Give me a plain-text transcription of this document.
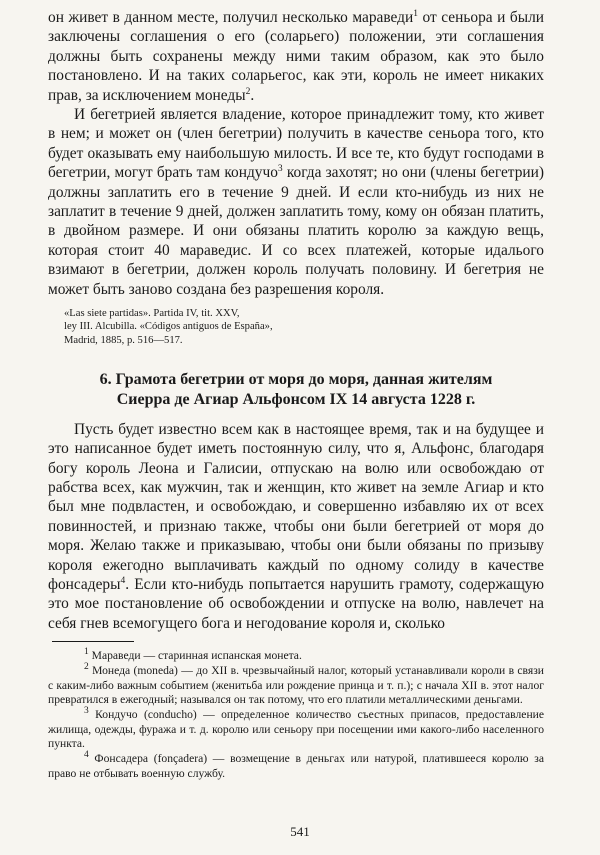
он живет в данном месте, получил несколько мараведи$^1$ от сеньора и были заключены соглашения о его (соларьего) положении, эти соглашения должны быть сохранены между ними таким образом, как это было постановлено. И на таких соларьегос, как эти, король не имеет никаких прав, за исключением монеды$^2$.

И бегетрией является владение, которое принадлежит тому, кто живет в нем; и может он (член бегетрии) получить в качестве сеньора того, кто будет оказывать ему наибольшую милость. И все те, кто будут господами в бегетрии, могут брать там кондучо$^3$ когда захотят; но они (члены бегетрии) должны заплатить его в течение 9 дней. И если кто-нибудь из них не заплатит в течение 9 дней, должен заплатить тому, кому он обязан платить, в двойном размере. И они обязаны платить королю за каждую вещь, которая стоит 40 мараведис. И со всех платежей, которые идалього взимают в бегетрии, должен король получать половину. И бегетрия не может быть заново создана без разрешения короля.

«Las siete partidas». Partida IV, tit. XXV,
ley III. Alcubilla. «Códigos antiguos de España»,
Madrid, 1885, p. 516—517.
6. Грамота бегетрии от моря до моря, данная жителям
Сиерра де Агиар Альфонсом IX 14 августа 1228 г.

Пусть будет известно всем как в настоящее время, так и на будущее и это написанное будет иметь постоянную силу, что я, Альфонс, благодаря богу король Леона и Галисии, отпускаю на волю или освобождаю от рабства всех, как мужчин, так и женщин, кто живет на земле Агиар и кто был мне подвластен, и освобождаю, и совершенно избавляю их от всех повинностей, и признаю также, чтобы они были бегетрией от моря до моря. Желаю также и приказываю, чтобы они были обязаны по призыву короля ежегодно выплачивать каждый по одному солиду в качестве фонсадеры$^4$. Если кто-нибудь попытается нарушить грамоту, содержащую это мое постановление об освобождении и отпуске на волю, навлечет на себя гнев всемогущего бога и негодование короля и, сколько

$^1$ Мараведи — старинная испанская монета.

$^2$ Монеда (moneda) — до XII в. чрезвычайный налог, который устанавливали короли в связи с каким-либо важным событием (женитьба или рождение принца и т. п.); с начала XII в. этот налог превратился в ежегодный; назывался он так потому, что его платили металлическими деньгами.

$^3$ Кондучо (conducho) — определенное количество съестных припасов, предоставление жилища, одежды, фуража и т. д. королю или сеньору при посещении ими какого-либо населенного пункта.

$^4$ Фонсадера (fonçadera) — возмещение в деньгах или натурой, платившееся королю за право не отбывать военную службу.

541
